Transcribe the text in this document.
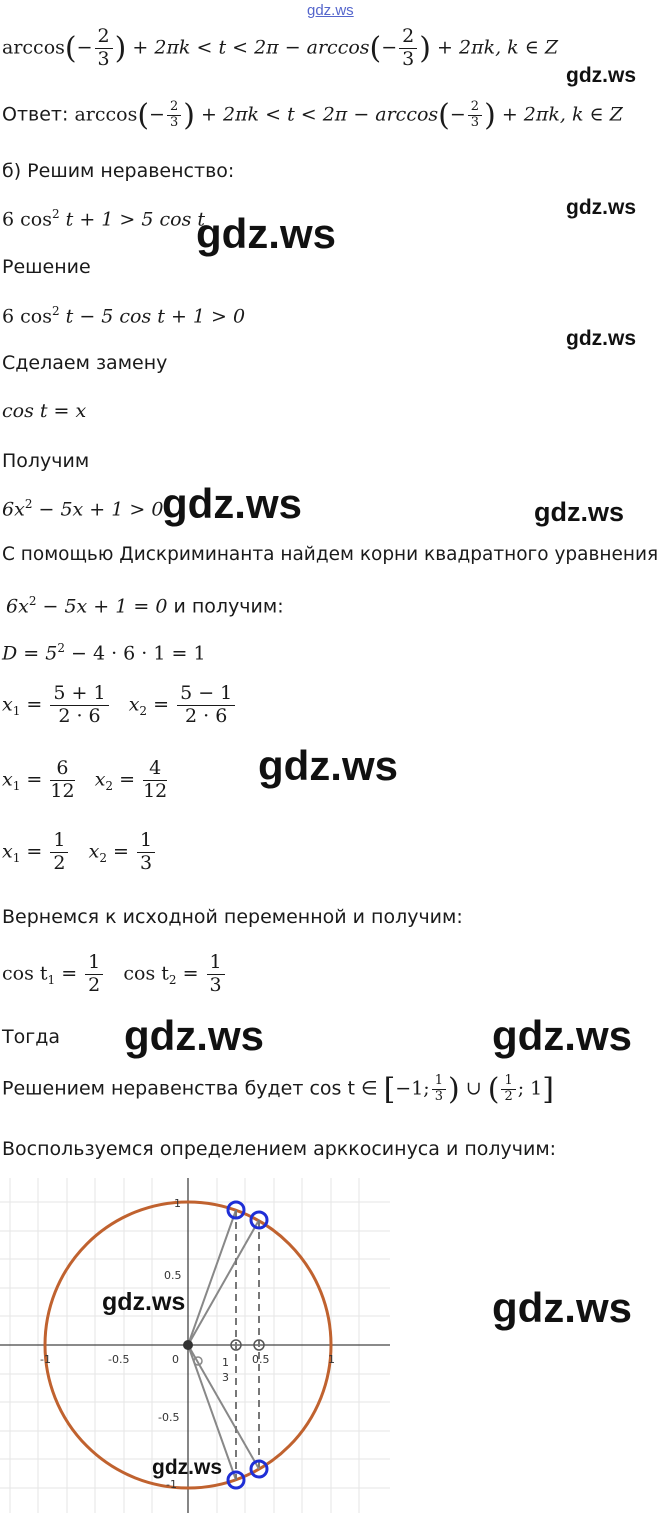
gdz.ws
$\arccos(- \frac{2}{3}$ ) + $2\pi k < t < 2\pi - \arccos(- \frac{2}{3}$ ) + 2πk, k ∈ Z
gdz.ws
Ответ: $\arccos(- \frac{2}{3}$ ) + $2\pi k < t < 2\pi - \arccos(- \frac{2}{3}$ ) + 2πk, k ∈ Z
б) Решим неравенство:
6 $\cos^2 t + 1 > 5$ cos t
gdz.ws
gdz.ws
Решение
6 $\cos^2 t - 5$ cos t + 1 > 0
gdz.ws
Сделаем замену
cos t = x
Получим
$6x^2 - 5x + 1 > 0$
gdz.ws	gdz.ws
С помощью Дискриминанта найдем корни квадратного уравнения
$6x^2 - 5x + 1 = 0$ и получим:
$D = 5^2 - 4 \cdot 6 \cdot 1 = 1$
$x_1 = \frac{5 + 1}{2 \cdot 6} x_2 = \frac{5 - 1}{2 \cdot 6}$
$x_1 = \frac{6}{12} x_2 = \frac{4}{12} gdz.ws$
$x_1 = \frac{1}{2} x_2 = \frac{1}{3}$
Вернемся к исходной переменной и получим:
$\cos t_1 = \frac{1}{2}$ $\cos t_2 = \frac{1}{3}$
Тогда gdz.ws	gdz.ws
Решением неравенства будет cos t ∈ [−1; $\frac{1}{3}$ ) ∪ ( $\frac{1}{2}$ ; 1]
Воспользуемся определением арккосинуса и получим:
-1	-0.5	0	0.5	1
0.5
-0.5
1
-1
1
3
gdz.ws	gdz.ws
gdz.ws
